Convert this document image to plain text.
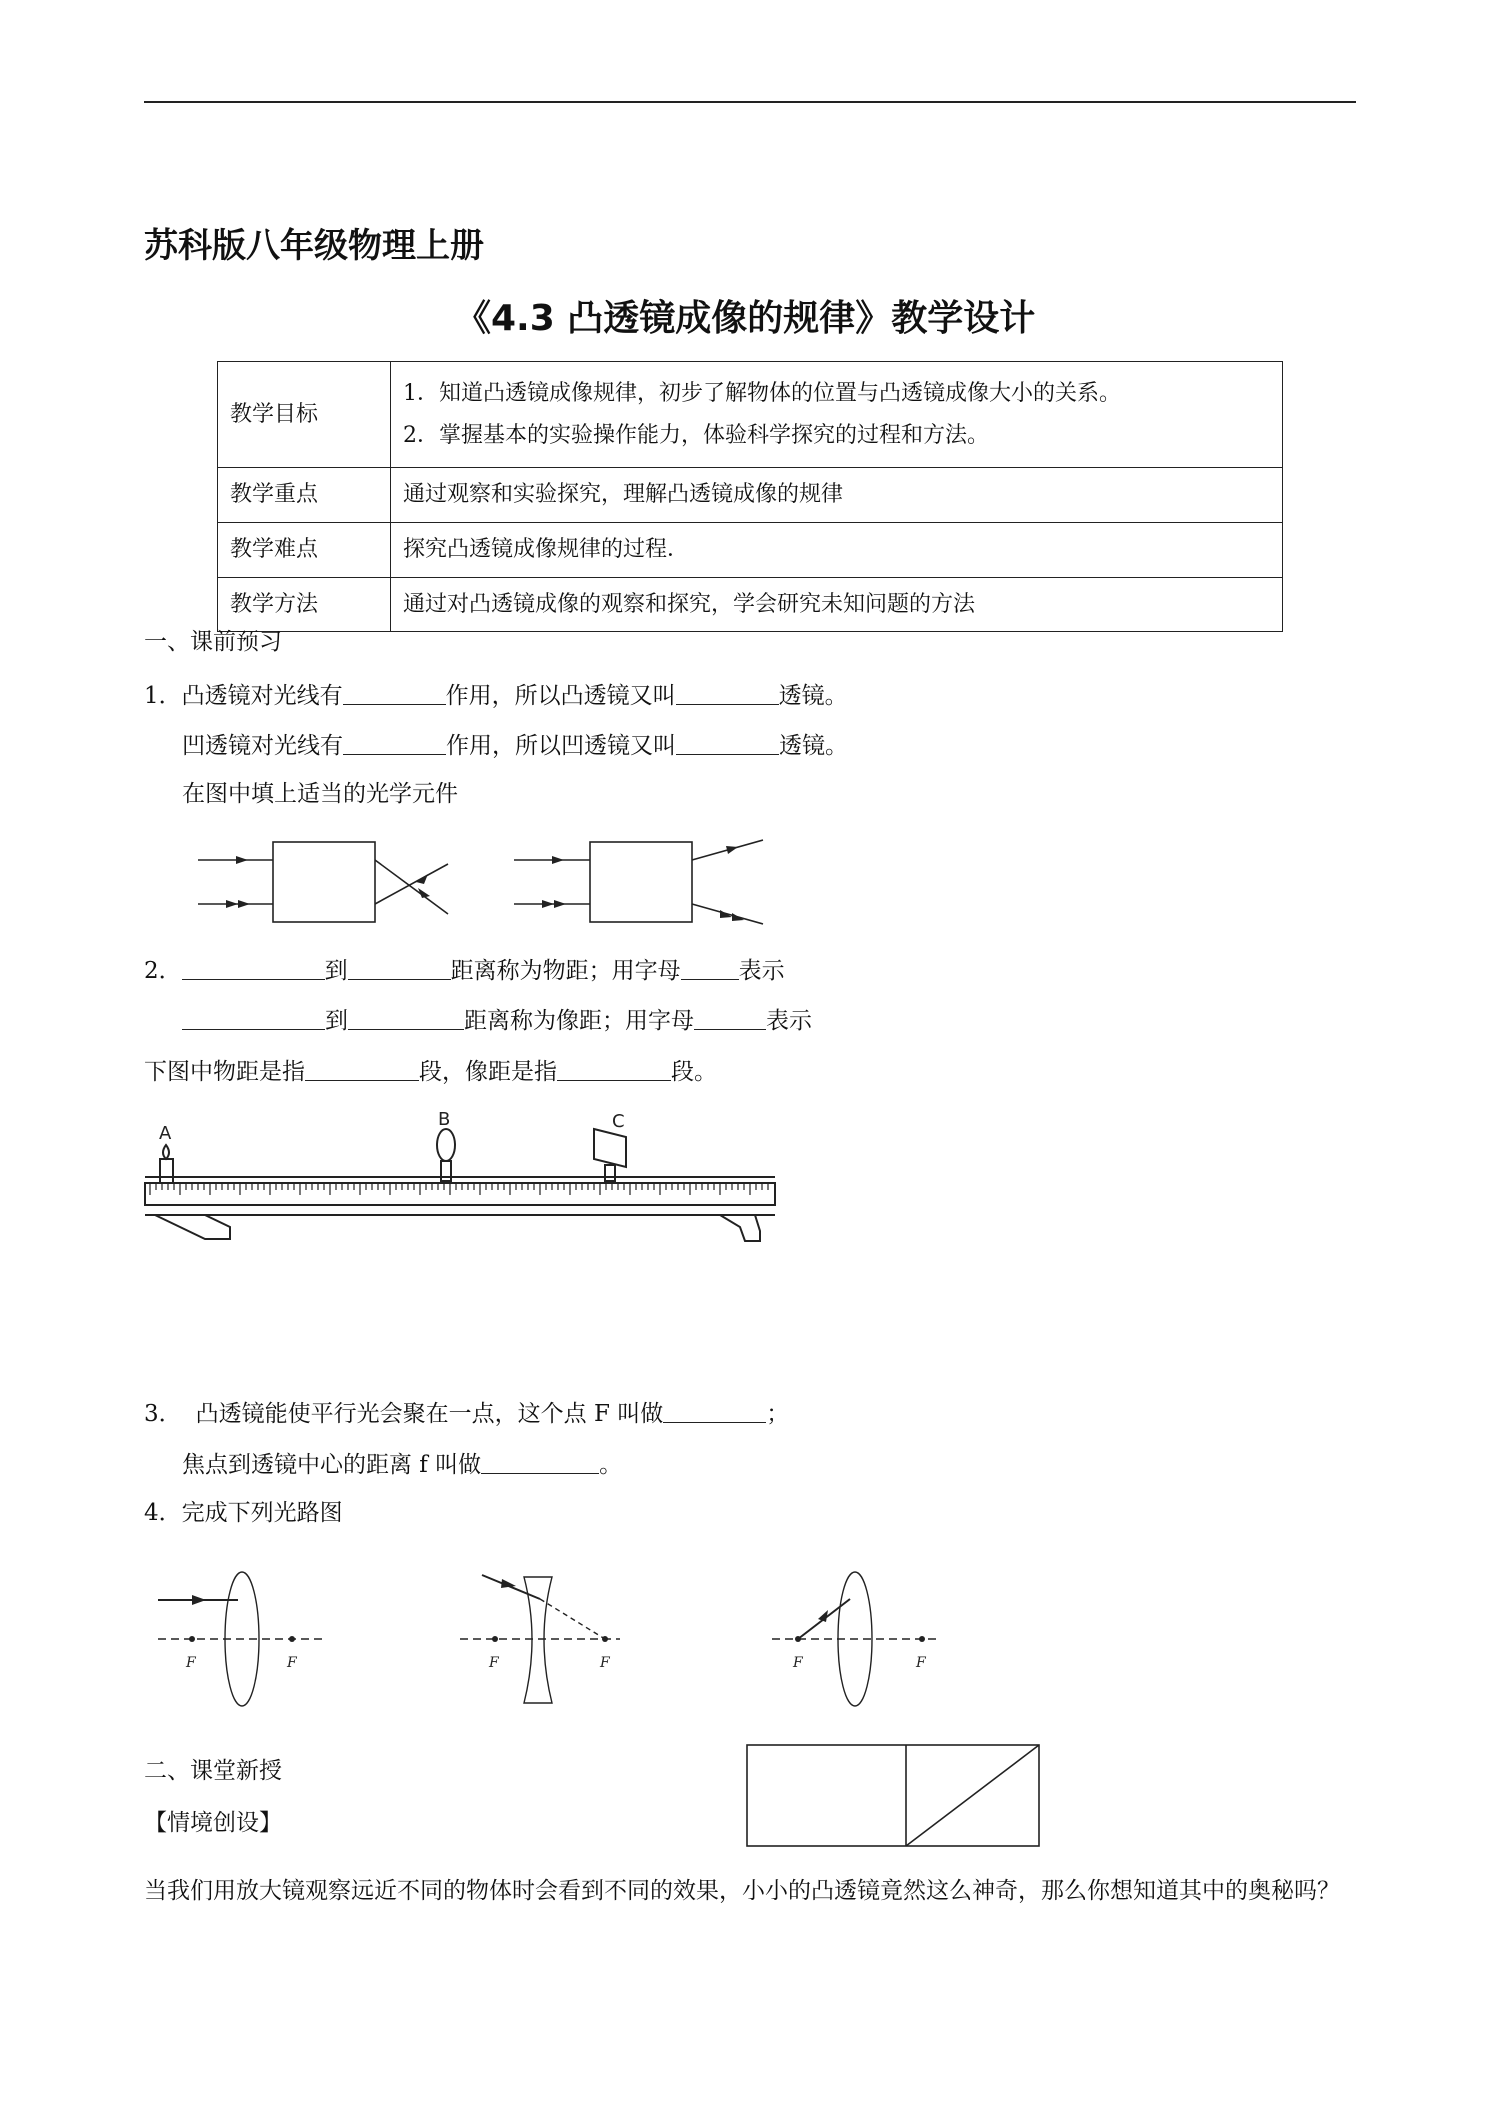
苏科版八年级物理上册
《4.3 凸透镜成像的规律》教学设计
教学目标	1．知道凸透镜成像规律，初步了解物体的位置与凸透镜成像大小的关系。
2．掌握基本的实验操作能力，体验科学探究的过程和方法。

教学重点	通过观察和实验探究，理解凸透镜成像的规律
教学难点	探究凸透镜成像规律的过程．
教学方法	通过对凸透镜成像的观察和探究，学会研究未知问题的方法
一、课前预习
1．凸透镜对光线有	作用，所以凸透镜又叫	透镜。
凹透镜对光线有	作用，所以凹透镜又叫	透镜。
在图中填上适当的光学元件
2．	到	距离称为物距；用字母	表示
到	距离称为像距；用字母	表示
下图中物距是指	段，像距是指	段。
A
B	C
3． 凸透镜能使平行光会聚在一点，这个点 F 叫做	；
焦点到透镜中心的距离 f 叫做	。
4．完成下列光路图
F	F	F	F	F	F
二、课堂新授
【情境创设】
当我们用放大镜观察远近不同的物体时会看到不同的效果，小小的凸透镜竟然这么神奇，那么你想知道其中的奥秘吗？
